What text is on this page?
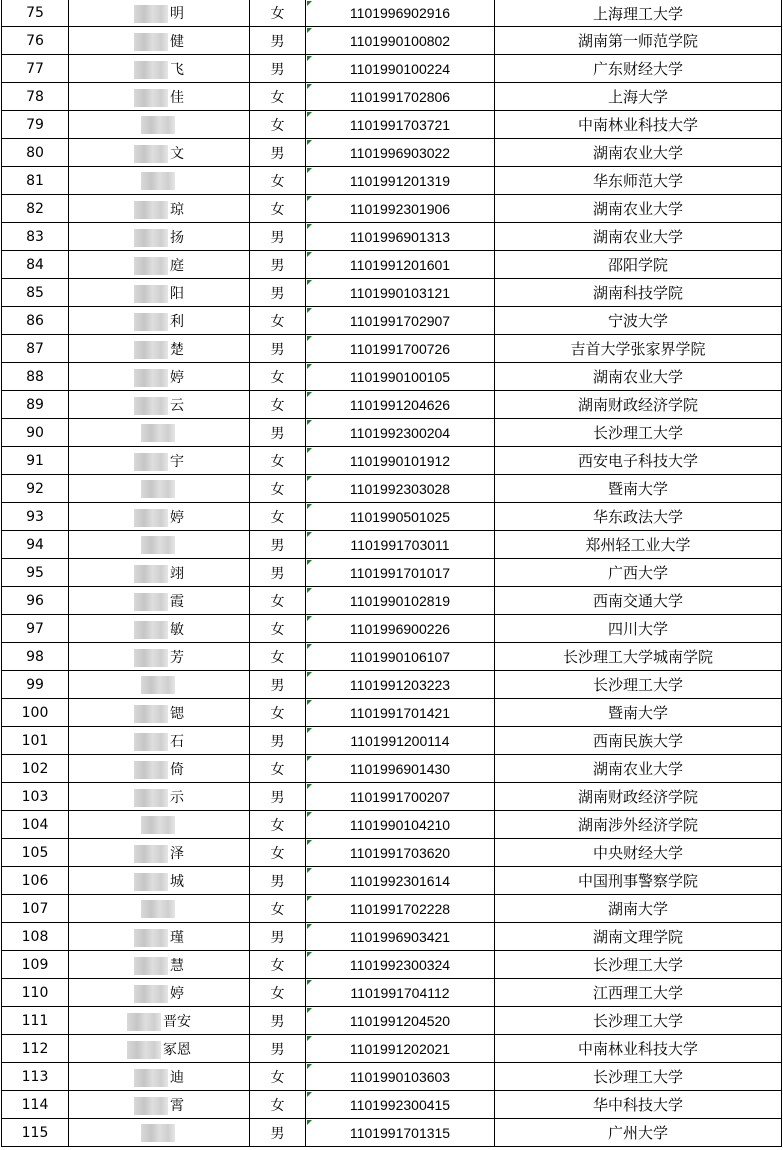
75	明	女	1101996902916	上海理工大学
76	健	男	1101990100802	湖南第一师范学院
77	飞	男	1101990100224	广东财经大学
78	佳	女	1101991702806	上海大学
79		女	1101991703721	中南林业科技大学
80	文	男	1101996903022	湖南农业大学
81		女	1101991201319	华东师范大学
82	琼	女	1101992301906	湖南农业大学
83	扬	男	1101996901313	湖南农业大学
84	庭	男	1101991201601	邵阳学院
85	阳	男	1101990103121	湖南科技学院
86	利	女	1101991702907	宁波大学
87	楚	男	1101991700726	吉首大学张家界学院
88	婷	女	1101990100105	湖南农业大学
89	云	女	1101991204626	湖南财政经济学院
90		男	1101992300204	长沙理工大学
91	宇	女	1101990101912	西安电子科技大学
92		女	1101992303028	暨南大学
93	婷	女	1101990501025	华东政法大学
94		男	1101991703011	郑州轻工业大学
95	翊	男	1101991701017	广西大学
96	霞	女	1101990102819	西南交通大学
97	敏	女	1101996900226	四川大学
98	芳	女	1101990106107	长沙理工大学城南学院
99		男	1101991203223	长沙理工大学
100	锶	女	1101991701421	暨南大学
101	石	男	1101991200114	西南民族大学
102	倚	女	1101996901430	湖南农业大学
103	示	男	1101991700207	湖南财政经济学院
104		女	1101990104210	湖南涉外经济学院
105	泽	女	1101991703620	中央财经大学
106	城	男	1101992301614	中国刑事警察学院
107		女	1101991702228	湖南大学
108	瑾	男	1101996903421	湖南文理学院
109	慧	女	1101992300324	长沙理工大学
110	婷	女	1101991704112	江西理工大学
111	晋安	男	1101991204520	长沙理工大学
112	冢恩	男	1101991202021	中南林业科技大学
113	迪	女	1101990103603	长沙理工大学
114	霄	女	1101992300415	华中科技大学
115		男	1101991701315	广州大学
